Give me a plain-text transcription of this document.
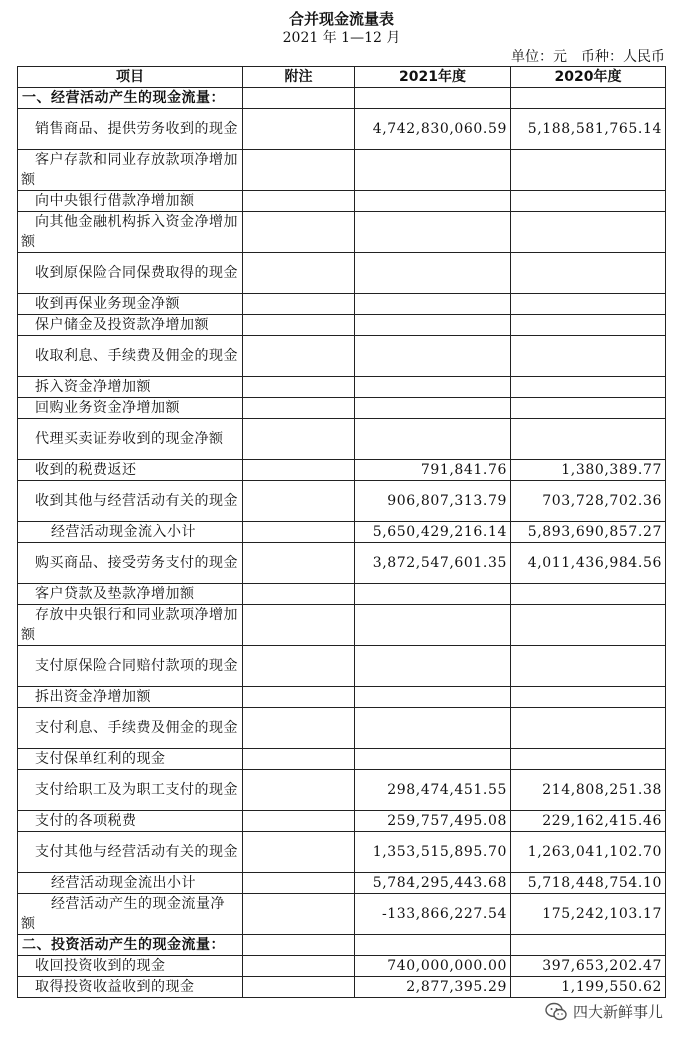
合并现金流量表
2021 年 1—12 月
单位：元　币种：人民币
项目	附注	2021年度	2020年度
一、经营活动产生的现金流量：			
销售商品、提供劳务收到的现金		4,742,830,060.59	5,188,581,765.14
客户存款和同业存放款项净增加额			
向中央银行借款净增加额			
向其他金融机构拆入资金净增加额			
收到原保险合同保费取得的现金			
收到再保业务现金净额			
保户储金及投资款净增加额			
收取利息、手续费及佣金的现金			
拆入资金净增加额			
回购业务资金净增加额			
代理买卖证券收到的现金净额			
收到的税费返还		791,841.76	1,380,389.77
收到其他与经营活动有关的现金		906,807,313.79	703,728,702.36
经营活动现金流入小计		5,650,429,216.14	5,893,690,857.27
购买商品、接受劳务支付的现金		3,872,547,601.35	4,011,436,984.56
客户贷款及垫款净增加额			
存放中央银行和同业款项净增加额			
支付原保险合同赔付款项的现金			
拆出资金净增加额			
支付利息、手续费及佣金的现金			
支付保单红利的现金			
支付给职工及为职工支付的现金		298,474,451.55	214,808,251.38
支付的各项税费		259,757,495.08	229,162,415.46
支付其他与经营活动有关的现金		1,353,515,895.70	1,263,041,102.70
经营活动现金流出小计		5,784,295,443.68	5,718,448,754.10
经营活动产生的现金流量净额		-133,866,227.54	175,242,103.17
二、投资活动产生的现金流量：			
收回投资收到的现金		740,000,000.00	397,653,202.47
取得投资收益收到的现金		2,877,395.29	1,199,550.62
四大新鲜事儿
